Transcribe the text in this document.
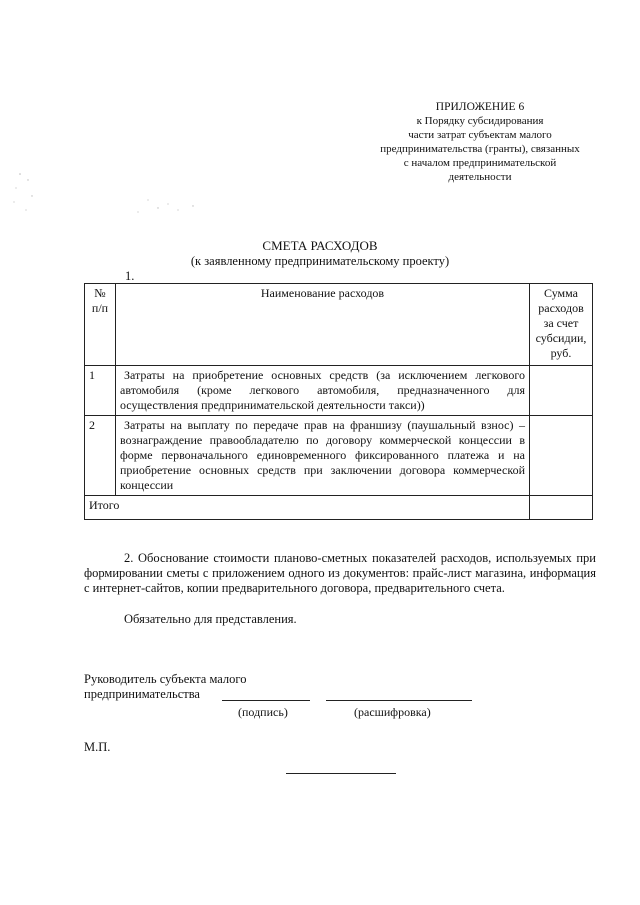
ПРИЛОЖЕНИЕ 6
к Порядку субсидирования
части затрат субъектам малого
предпринимательства (гранты), связанных
с началом предпринимательской
деятельности
СМЕТА РАСХОДОВ
(к заявленному предпринимательскому проекту)
1.
№ п/п	Наименование расходов	Сумма расходов за счет субсидии, руб.
1	Затраты на приобретение основных средств (за исключением легкового автомобиля (кроме легкового автомобиля, предназначенного для осуществления предпринимательской деятельности такси))	
2	Затраты на выплату по передаче прав на франшизу (паушальный взнос) – вознаграждение правообладателю по договору коммерческой концессии в форме первоначального единовременного фиксированного платежа и на приобретение основных средств при заключении договора коммерческой концессии	
Итого		
2. Обоснование стоимости планово-сметных показателей расходов, используемых при формировании сметы с приложением одного из документов: прайс-лист магазина, информация с интернет-сайтов, копии предварительного договора, предварительного счета.
Обязательно для представления.
Руководитель субъекта малого
предпринимательства
(подпись)	(расшифровка)
М.П.
